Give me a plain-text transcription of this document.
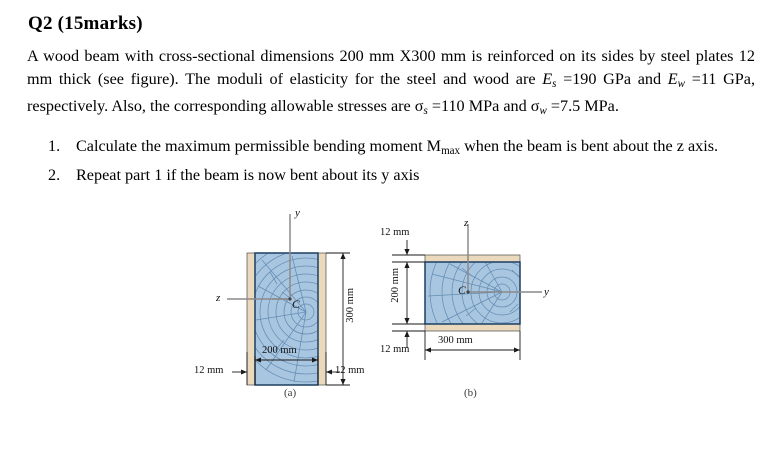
Q2 (15marks)
A wood beam with cross-sectional dimensions 200 mm X300 mm is reinforced on its sides by steel plates 12 mm thick (see figure). The moduli of elasticity for the steel and wood are $E_s =190$ GPa and $E_w =11$ GPa, respectively. Also, the corresponding allowable stresses are $\sigma_s =110$ MPa and $\sigma_w =7.5$ MPa.
1. Calculate the maximum permissible bending moment Mmax when the beam is bent about the z axis.
2. Repeat part 1 if the beam is now bent about its y axis
y
z
C	300 mm
200 mm
12 mm	12 mm
(a)
z
y
C
200 mm
300 mm
12 mm
12 mm
(b)
